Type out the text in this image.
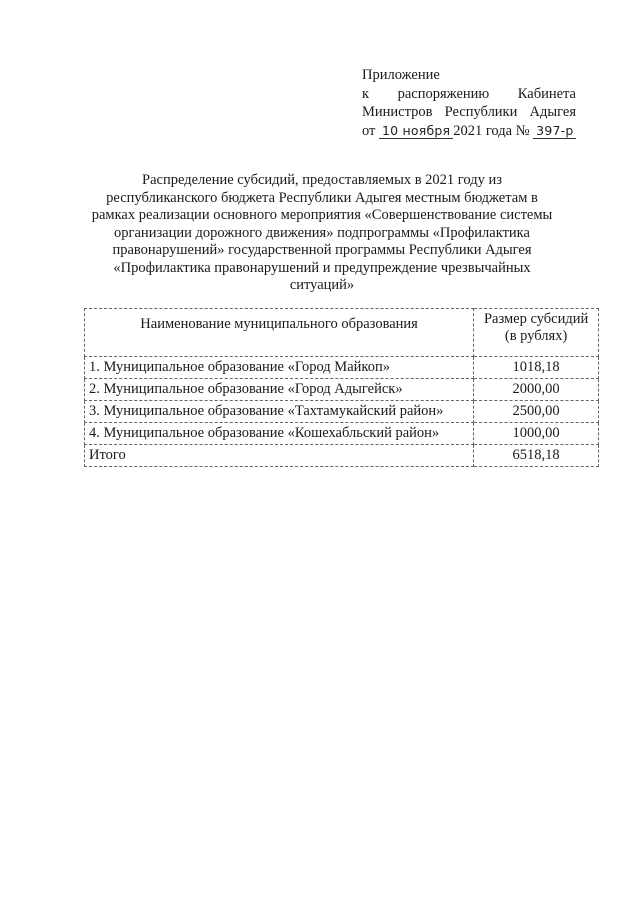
Приложение
к распоряжению Кабинета
Министров Республики Адыгея
от 10 ноября 2021 года № 397-р
Распределение субсидий, предоставляемых в 2021 году из
республиканского бюджета Республики Адыгея местным бюджетам в
рамках реализации основного мероприятия «Совершенствование системы
организации дорожного движения» подпрограммы «Профилактика
правонарушений» государственной программы Республики Адыгея
«Профилактика правонарушений и предупреждение чрезвычайных
ситуаций»
Наименование муниципального образования	Размер субсидий
(в рублях)
1. Муниципальное образование «Город Майкоп»	1018,18
2. Муниципальное образование «Город Адыгейск»	2000,00
3. Муниципальное образование «Тахтамукайский район»	2500,00
4. Муниципальное образование «Кошехабльский район»	1000,00
Итого	6518,18
